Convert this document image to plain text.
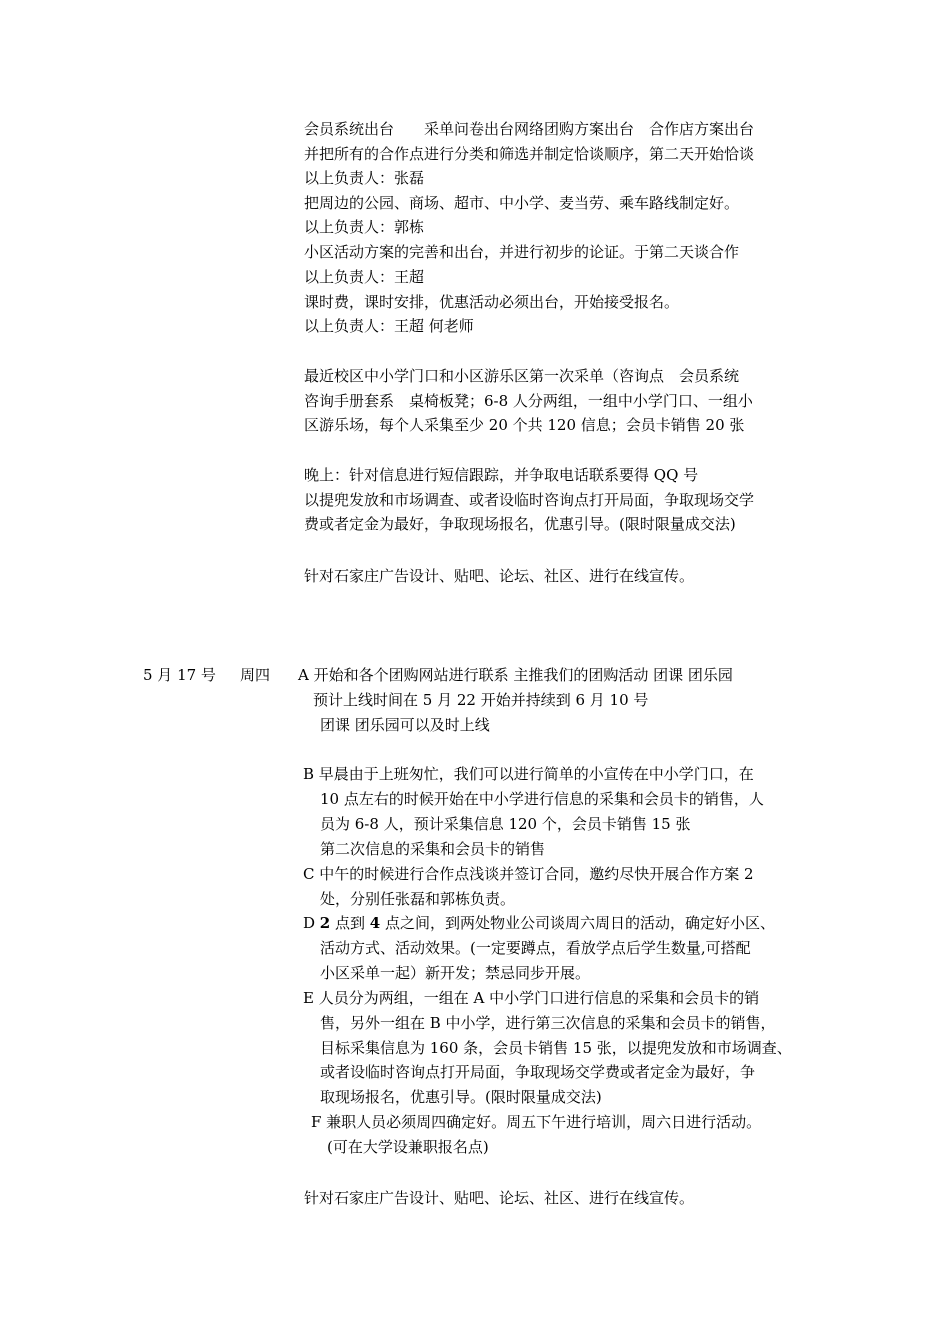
会员系统出台　　采单问卷出台网络团购方案出台　合作店方案出台
并把所有的合作点进行分类和筛选并制定恰谈顺序，第二天开始恰谈
以上负责人：张磊
把周边的公园、商场、超市、中小学、麦当劳、乘车路线制定好。
以上负责人：郭栋
小区活动方案的完善和出台，并进行初步的论证。于第二天谈合作
以上负责人：王超
课时费，课时安排，优惠活动必须出台，开始接受报名。
以上负责人：王超 何老师
最近校区中小学门口和小区游乐区第一次采单（咨询点　会员系统
咨询手册套系　桌椅板凳；6-8 人分两组，一组中小学门口、一组小
区游乐场，每个人采集至少 20 个共 120 信息；会员卡销售 20 张
晚上：针对信息进行短信跟踪，并争取电话联系要得 QQ 号
以提兜发放和市场调查、或者设临时咨询点打开局面，争取现场交学
费或者定金为最好，争取现场报名，优惠引导。(限时限量成交法)
针对石家庄广告设计、贴吧、论坛、社区、进行在线宣传。
5 月 17 号 周四 A 开始和各个团购网站进行联系 主推我们的团购活动 团课 团乐园
预计上线时间在 5 月 22 开始并持续到 6 月 10 号
团课 团乐园可以及时上线
B 早晨由于上班匆忙，我们可以进行简单的小宣传在中小学门口，在
10 点左右的时候开始在中小学进行信息的采集和会员卡的销售，人
员为 6-8 人，预计采集信息 120 个，会员卡销售 15 张
第二次信息的采集和会员卡的销售
C 中午的时候进行合作点浅谈并签订合同，邀约尽快开展合作方案 2
处，分别任张磊和郭栋负责。
D 2 点到 4 点之间，到两处物业公司谈周六周日的活动，确定好小区、
活动方式、活动效果。(一定要蹲点，看放学点后学生数量,可搭配
小区采单一起）新开发；禁忌同步开展。
E 人员分为两组，一组在 A 中小学门口进行信息的采集和会员卡的销
售，另外一组在 B 中小学，进行第三次信息的采集和会员卡的销售，
目标采集信息为 160 条，会员卡销售 15 张，以提兜发放和市场调查、
或者设临时咨询点打开局面，争取现场交学费或者定金为最好，争
取现场报名，优惠引导。(限时限量成交法)
F 兼职人员必须周四确定好。周五下午进行培训，周六日进行活动。
(可在大学设兼职报名点)
针对石家庄广告设计、贴吧、论坛、社区、进行在线宣传。
